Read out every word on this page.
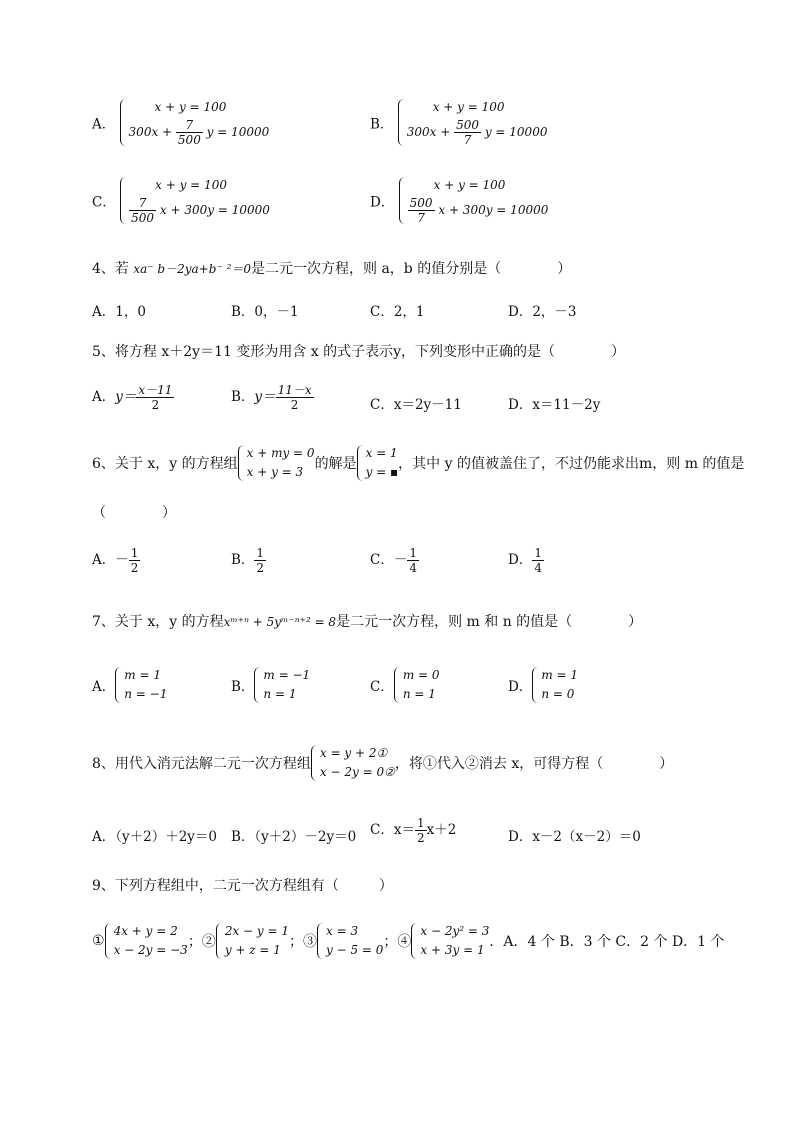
A．
x + y = 100
$300x + \frac{7}{500}$ y = 10000	B．
x + y = 100
$300x + \frac{500}{7}$ y = 10000
C．
x + y = 100
$\frac{7}{500}$ x + 300y = 10000	D．
x + y = 100
$\frac{500}{7}$ x + 300y = 10000
4、若 xa⁻ b－2ya+b⁻ ²＝0是二元一次方程，则 a，b 的值分别是（	）
A．1，0	B．0，－1	C．2，1	D．2，－3
5、将方程 x＋2y＝11 变形为用含 x 的式子表示y，下列变形中正确的是（	）
A．$y= \frac{x-11}{2}$	B．$y= \frac{11-x}{2}$	C．x＝2y－11	D．x＝11－2y
6、关于 x，y 的方程组
x + my = 0
x + y = 3 的解是
x = 1
y = ▪ ，其中 y 的值被盖住了，不过仍能求出m，则 m 的值是
（	）
A．－ $\frac{1}{2}$	B． $\frac{1}{2}$	C．－ $\frac{1}{4}$	D． $\frac{1}{4}$
7、关于 x，y 的方程xᵐ⁺ⁿ + 5yᵐ⁻ⁿ⁺² = 8是二元一次方程，则 m 和 n 的值是（	）
A．
m = 1
n = −1	B．
m = −1
n = 1	C．
m = 0
n = 1	D．
m = 1
n = 0
8、用代入消元法解二元一次方程组
x = y + 2①
x − 2y = 0② ，将①代入②消去 x，可得方程（	）
A．（y＋2）＋2y＝0 B．（y＋2）－2y＝0 C．$x= \frac{1}{2} x+2$	D．x－2（x－2）＝0
9、下列方程组中，二元一次方程组有（	）
①
4x + y = 2
x − 2y = −3 ；②
2x − y = 1
y + z = 1 ；③
x = 3
y − 5 = 0 ；④
x − 2y² = 3
x + 3y = 1 ．A．4 个 B．3 个 C．2 个 D．1 个
